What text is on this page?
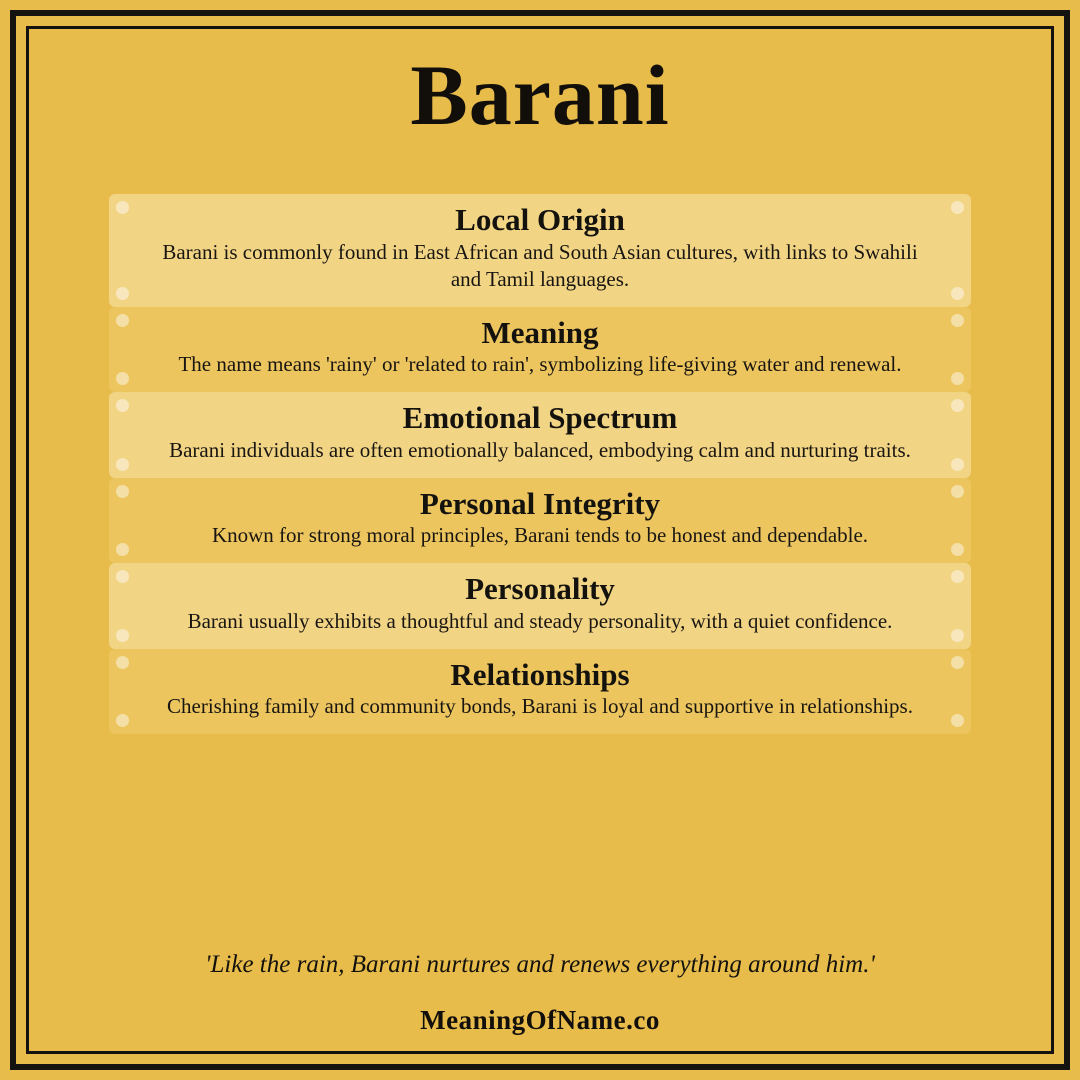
Barani
Local Origin

Barani is commonly found in East African and South Asian cultures, with links to Swahili and Tamil languages.

Meaning

The name means 'rainy' or 'related to rain', symbolizing life-giving water and renewal.

Emotional Spectrum

Barani individuals are often emotionally balanced, embodying calm and nurturing traits.

Personal Integrity

Known for strong moral principles, Barani tends to be honest and dependable.

Personality

Barani usually exhibits a thoughtful and steady personality, with a quiet confidence.

Relationships

Cherishing family and community bonds, Barani is loyal and supportive in relationships.

'Like the rain, Barani nurtures and renews everything around him.'
MeaningOfName.co
